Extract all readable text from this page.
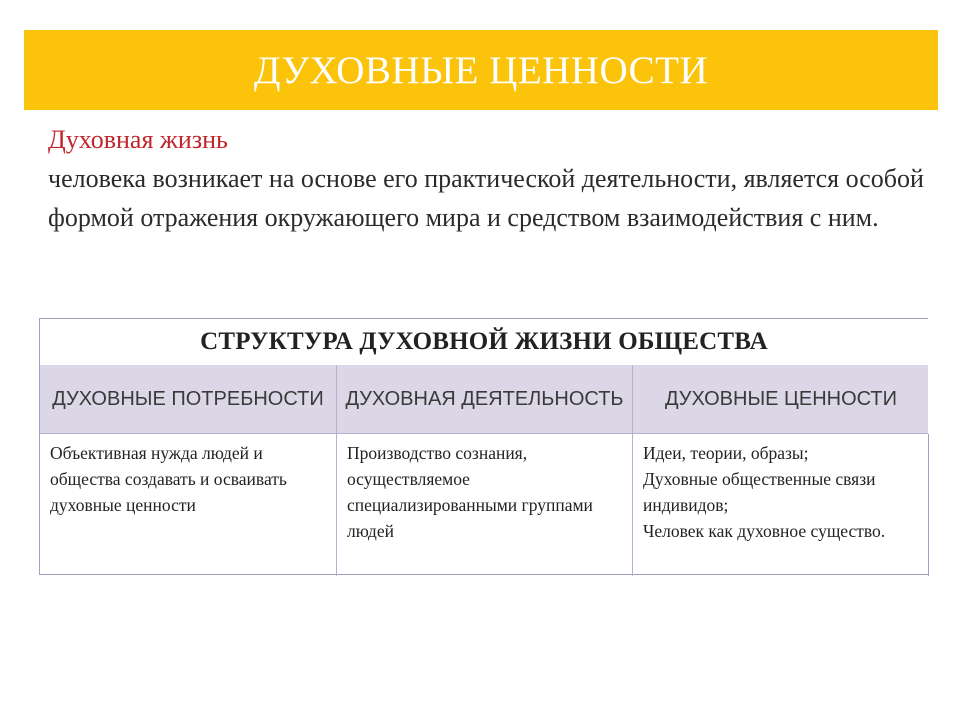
ДУХОВНЫЕ ЦЕННОСТИ
Духовная жизнь
человека возникает на основе его практической деятельности, является особой формой отражения окружающего мира и средством взаимодействия с ним.
СТРУКТУРА ДУХОВНОЙ ЖИЗНИ ОБЩЕСТВА
ДУХОВНЫЕ ПОТРЕБНОСТИ	ДУХОВНАЯ ДЕЯТЕЛЬНОСТЬ	ДУХОВНЫЕ ЦЕННОСТИ
Объективная нужда людей и общества создавать и осваивать духовные ценности
Производство сознания, осуществляемое специализированными группами людей
Идеи, теории, образы;
Духовные общественные связи индивидов;
Человек как духовное существо.
